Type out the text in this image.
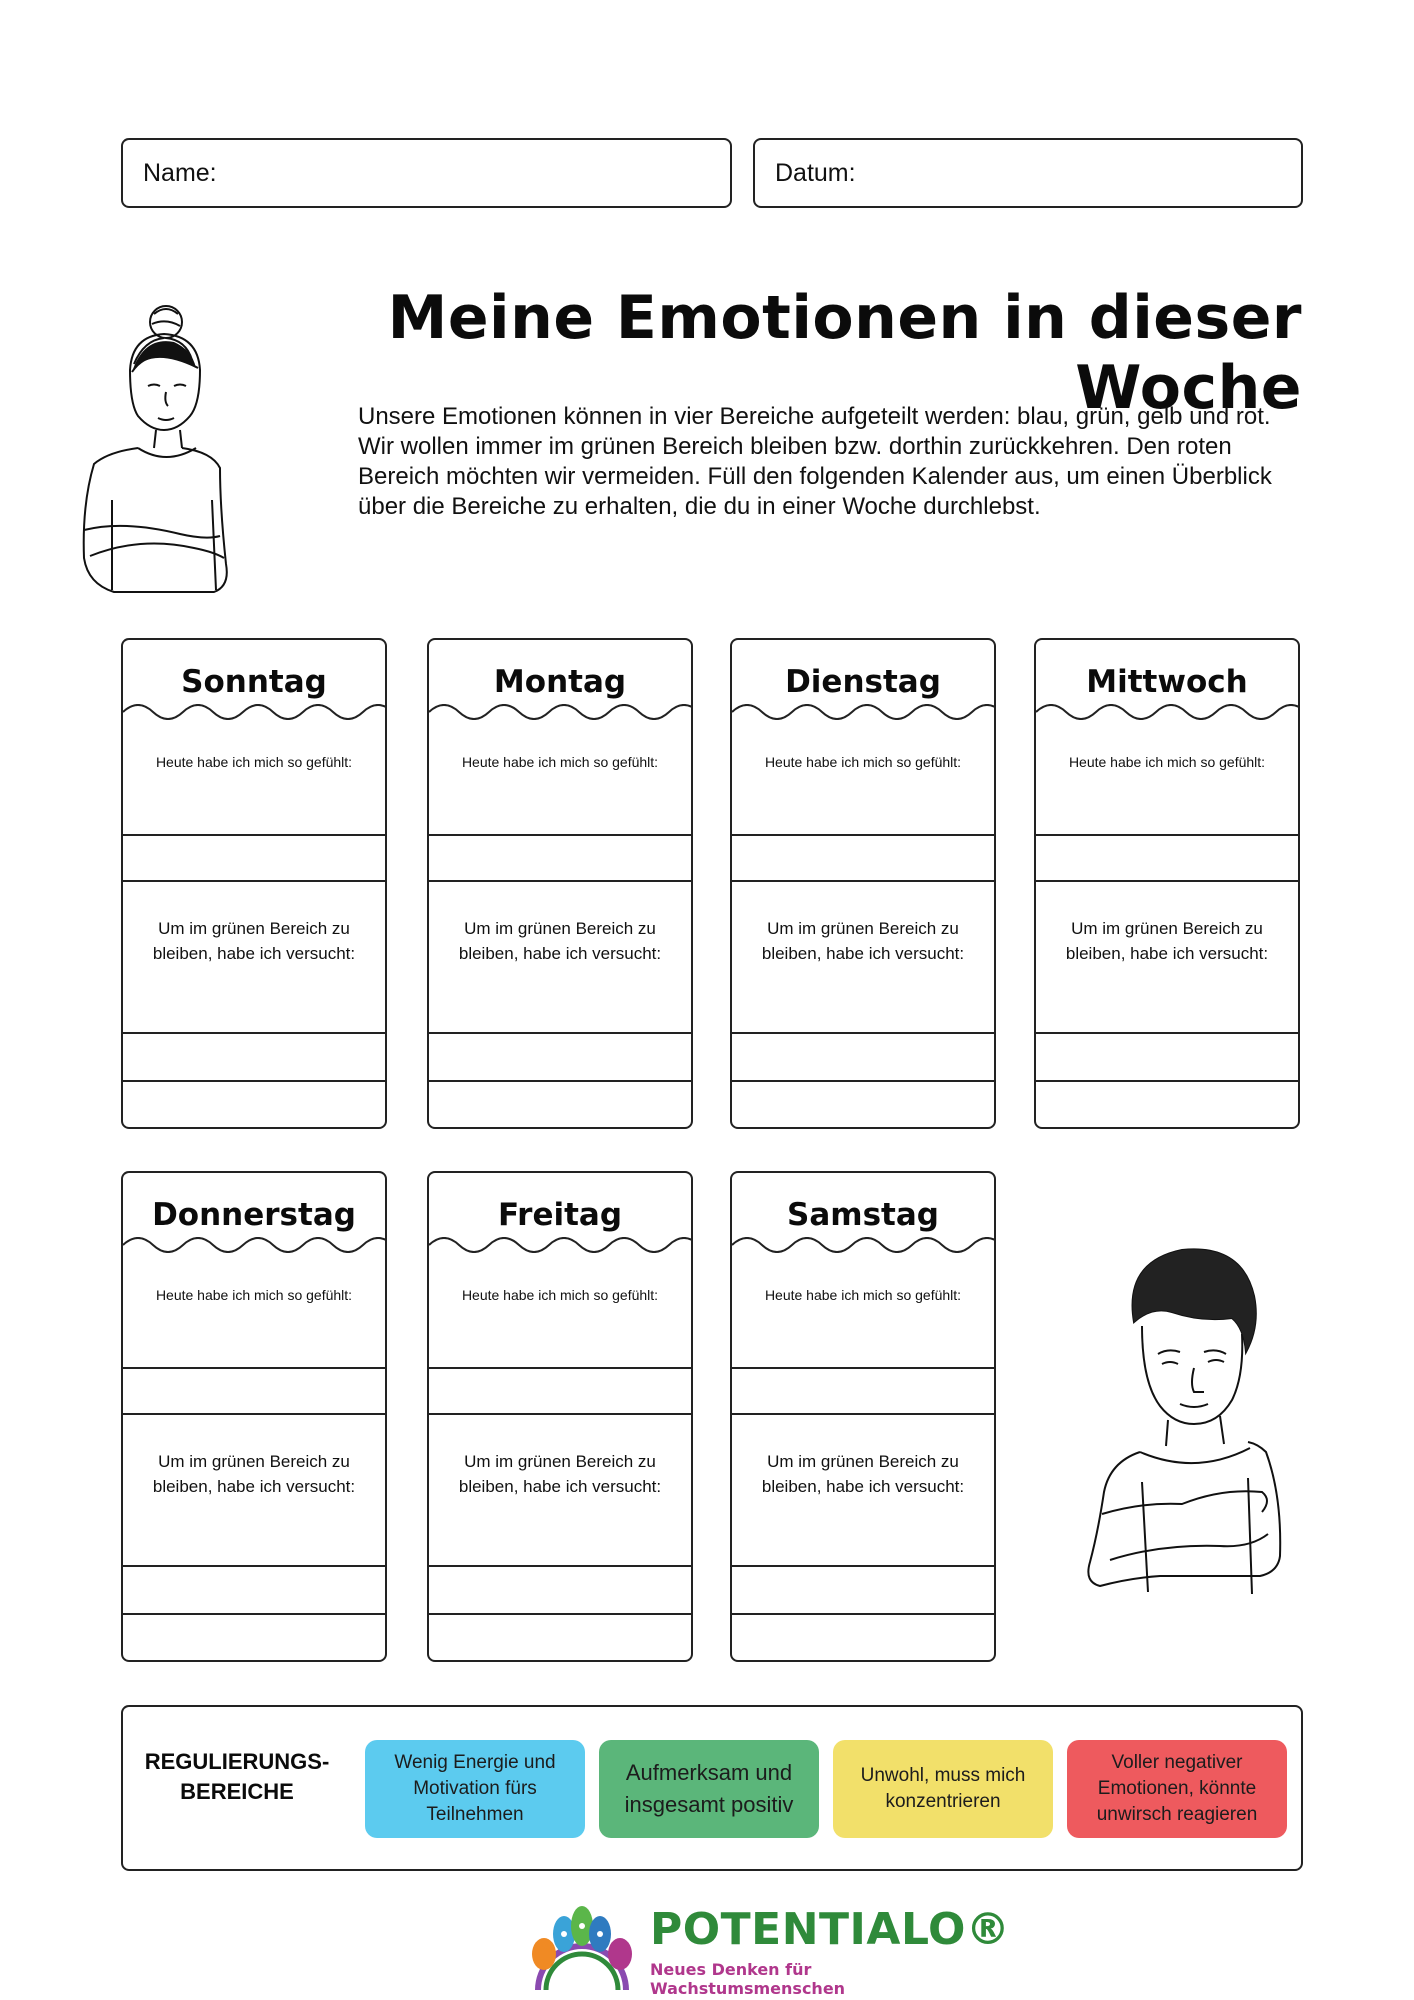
Name:	Datum:
Meine Emotionen in dieser Woche
Unsere Emotionen können in vier Bereiche aufgeteilt werden: blau, grün, gelb und rot. Wir wollen immer im grünen Bereich bleiben bzw. dorthin zurückkehren. Den roten Bereich möchten wir vermeiden. Füll den folgenden Kalender aus, um einen Überblick über die Bereiche zu erhalten, die du in einer Woche durchlebst.
Sonntag
Heute habe ich mich so gefühlt:
Um im grünen Bereich zu bleiben, habe ich versucht:
Montag
Heute habe ich mich so gefühlt:
Um im grünen Bereich zu bleiben, habe ich versucht:
Dienstag
Heute habe ich mich so gefühlt:
Um im grünen Bereich zu bleiben, habe ich versucht:
Mittwoch
Heute habe ich mich so gefühlt:
Um im grünen Bereich zu bleiben, habe ich versucht:
Donnerstag
Heute habe ich mich so gefühlt:
Um im grünen Bereich zu bleiben, habe ich versucht:
Freitag
Heute habe ich mich so gefühlt:
Um im grünen Bereich zu bleiben, habe ich versucht:
Samstag
Heute habe ich mich so gefühlt:
Um im grünen Bereich zu bleiben, habe ich versucht:
REGULIERUNGS-
BEREICHE
Wenig Energie und Motivation fürs Teilnehmen
Aufmerksam und insgesamt positiv
Unwohl, muss mich konzentrieren
Voller negativer Emotionen, könnte unwirsch reagieren
POTENTIALO®
Neues Denken für Wachstumsmenschen
